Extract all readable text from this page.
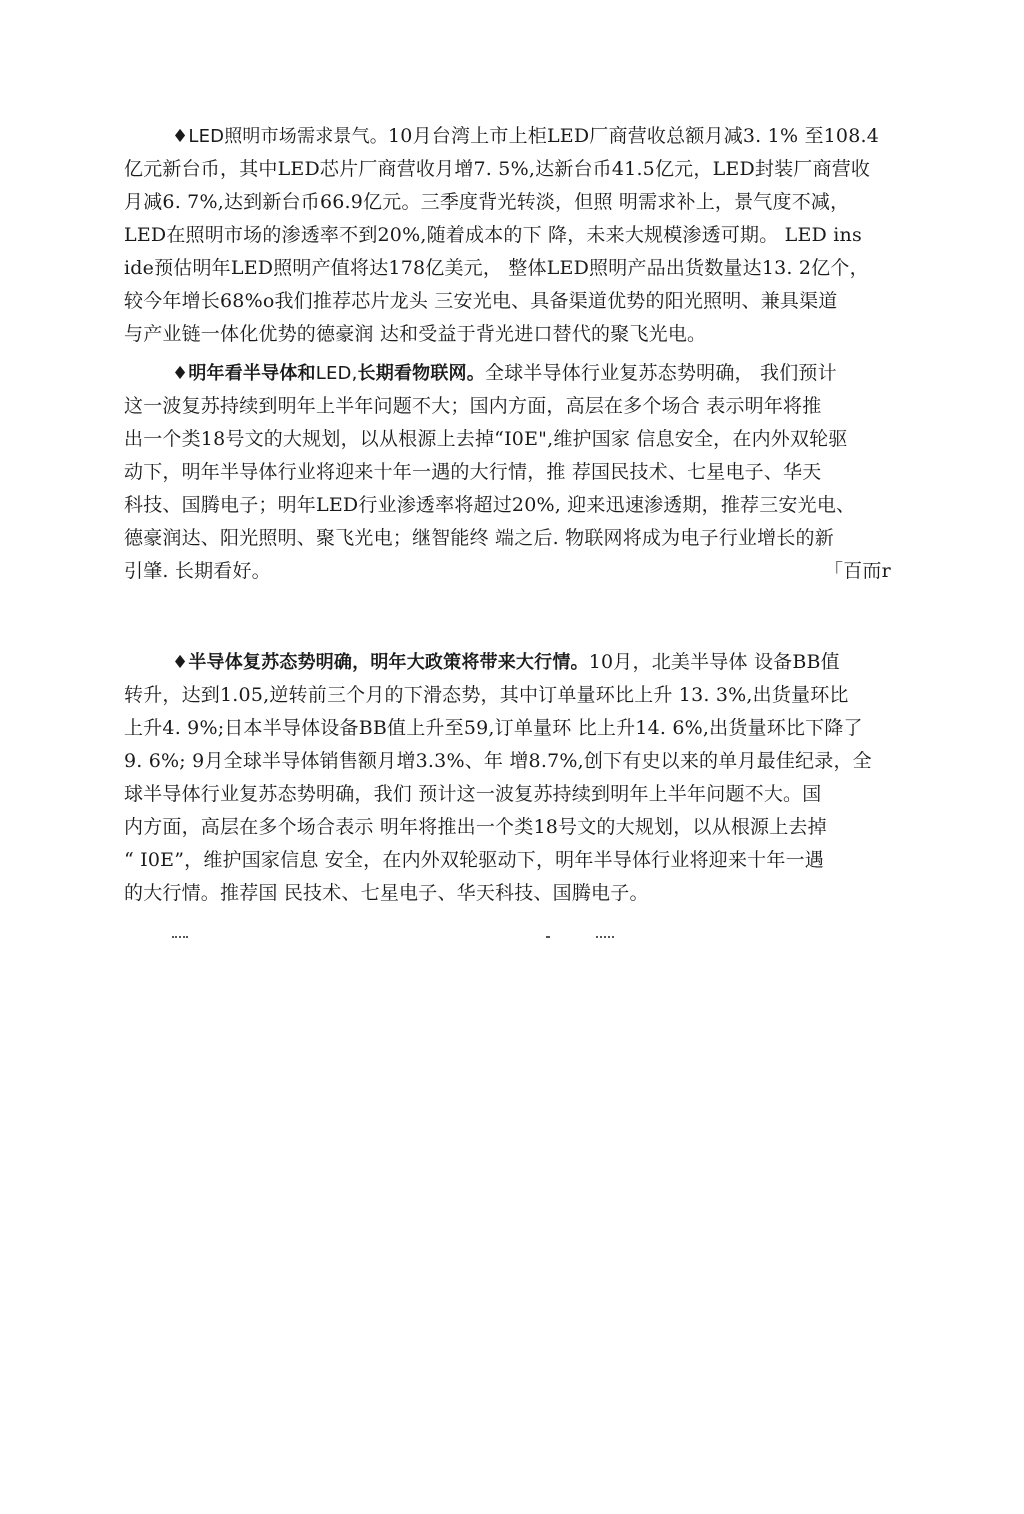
♦LED照明市场需求景气。10月台湾上市上柜LED厂商营收总额月减3. 1% 至108.4
亿元新台币，其中LED芯片厂商营收月增7. 5%,达新台币41.5亿元，LED封装厂商营收
月减6. 7%,达到新台币66.9亿元。三季度背光转淡，但照 明需求补上，景气度不减，
LED在照明市场的渗透率不到20%,随着成本的下 降，未来大规模渗透可期。 LED ins
ide预估明年LED照明产值将达178亿美元， 整体LED照明产品出货数量达13. 2亿个，
较今年增长68%o我们推荐芯片龙头 三安光电、具备渠道优势的阳光照明、兼具渠道
与产业链一体化优势的德豪润 达和受益于背光进口替代的聚飞光电。
♦明年看半导体和LED,长期看物联网。全球半导体行业复苏态势明确， 我们预计
这一波复苏持续到明年上半年问题不大；国内方面，高层在多个场合 表示明年将推
出一个类18号文的大规划，以从根源上去掉“I0E",维护国家 信息安全，在内外双轮驱
动下，明年半导体行业将迎来十年一遇的大行情，推 荐国民技术、七星电子、华天
科技、国腾电子；明年LED行业渗透率将超过20%, 迎来迅速渗透期，推荐三安光电、
德豪润达、阳光照明、聚飞光电；继智能终 端之后. 物联网将成为电子行业增长的新
引肇. 长期看好。	「百而r
♦半导体复苏态势明确，明年大政策将带来大行情。10月，北美半导体 设备BB值
转升，达到1.05,逆转前三个月的下滑态势，其中订单量环比上升 13. 3%,出货量环比
上升4. 9%;日本半导体设备BB值上升至59,订单量环 比上升14. 6%,出货量环比下降了
9. 6%; 9月全球半导体销售额月增3.3%、年 增8.7%,创下有史以来的单月最佳纪录，全
球半导体行业复苏态势明确，我们 预计这一波复苏持续到明年上半年问题不大。国
内方面，高层在多个场合表示 明年将推出一个类18号文的大规划，以从根源上去掉
“ I0E”，维护国家信息 安全，在内外双轮驱动下，明年半导体行业将迎来十年一遇
的大行情。推荐国 民技术、七星电子、华天科技、国腾电子。
